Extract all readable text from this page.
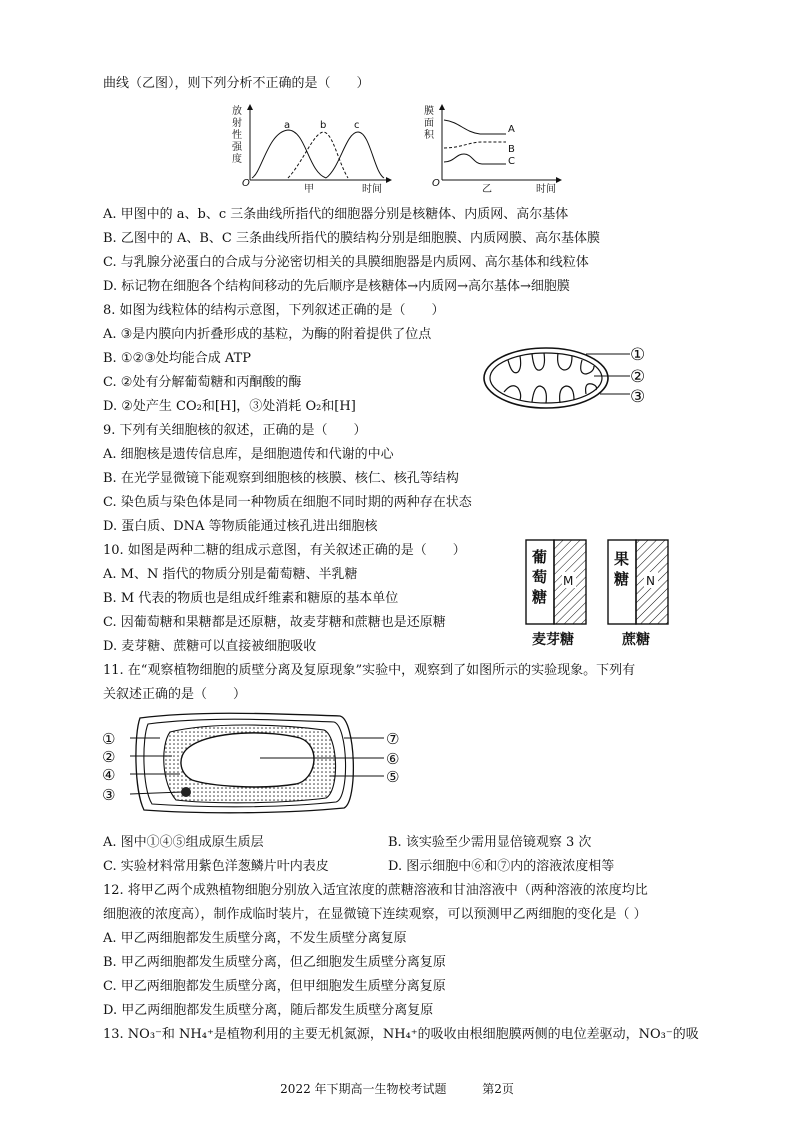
曲线（乙图），则下列分析不正确的是（　　）
放
射
性
强
度
O
a	b	c
甲	时间
膜
面
积
O
A
B
C
乙	时间
A. 甲图中的 a、b、c 三条曲线所指代的细胞器分别是核糖体、内质网、高尔基体
B. 乙图中的 A、B、C 三条曲线所指代的膜结构分别是细胞膜、内质网膜、高尔基体膜
C. 与乳腺分泌蛋白的合成与分泌密切相关的具膜细胞器是内质网、高尔基体和线粒体
D. 标记物在细胞各个结构间移动的先后顺序是核糖体→内质网→高尔基体→细胞膜
8. 如图为线粒体的结构示意图，下列叙述正确的是（　　）
A. ③是内膜向内折叠形成的基粒，为酶的附着提供了位点
B. ①②③处均能合成 ATP
C. ②处有分解葡萄糖和丙酮酸的酶
D. ②处产生 CO₂和[H]，③处消耗 O₂和[H]
①
②
③
9. 下列有关细胞核的叙述，正确的是（　　）
A. 细胞核是遗传信息库，是细胞遗传和代谢的中心
B. 在光学显微镜下能观察到细胞核的核膜、核仁、核孔等结构
C. 染色质与染色体是同一种物质在细胞不同时期的两种存在状态
D. 蛋白质、DNA 等物质能通过核孔进出细胞核
10. 如图是两种二糖的组成示意图，有关叙述正确的是（　　）
A. M、N 指代的物质分别是葡萄糖、半乳糖
B. M 代表的物质也是组成纤维素和糖原的基本单位
C. 因葡萄糖和果糖都是还原糖，故麦芽糖和蔗糖也是还原糖
D. 麦芽糖、蔗糖可以直接被细胞吸收
葡
萄
糖
M
麦芽糖
果
糖 N
蔗糖
11. 在“观察植物细胞的质壁分离及复原现象”实验中，观察到了如图所示的实验现象。下列有
关叙述正确的是（　　）
①
②
④
③
⑦
⑥
⑤
A. 图中①④⑤组成原生质层	B. 该实验至少需用显倍镜观察 3 次
C. 实验材料常用紫色洋葱鳞片叶内表皮	D. 图示细胞中⑥和⑦内的溶液浓度相等
12. 将甲乙两个成熟植物细胞分别放入适宜浓度的蔗糖溶液和甘油溶液中（两种溶液的浓度均比
细胞液的浓度高），制作成临时装片，在显微镜下连续观察，可以预测甲乙两细胞的变化是（ ）
A. 甲乙两细胞都发生质壁分离，不发生质壁分离复原
B. 甲乙两细胞都发生质壁分离，但乙细胞发生质壁分离复原
C. 甲乙两细胞都发生质壁分离，但甲细胞发生质壁分离复原
D. 甲乙两细胞都发生质壁分离，随后都发生质壁分离复原
13. NO₃⁻和 NH₄⁺是植物利用的主要无机氮源，NH₄⁺的吸收由根细胞膜两侧的电位差驱动，NO₃⁻的吸
2022 年下期高一生物校考试题	第2页
